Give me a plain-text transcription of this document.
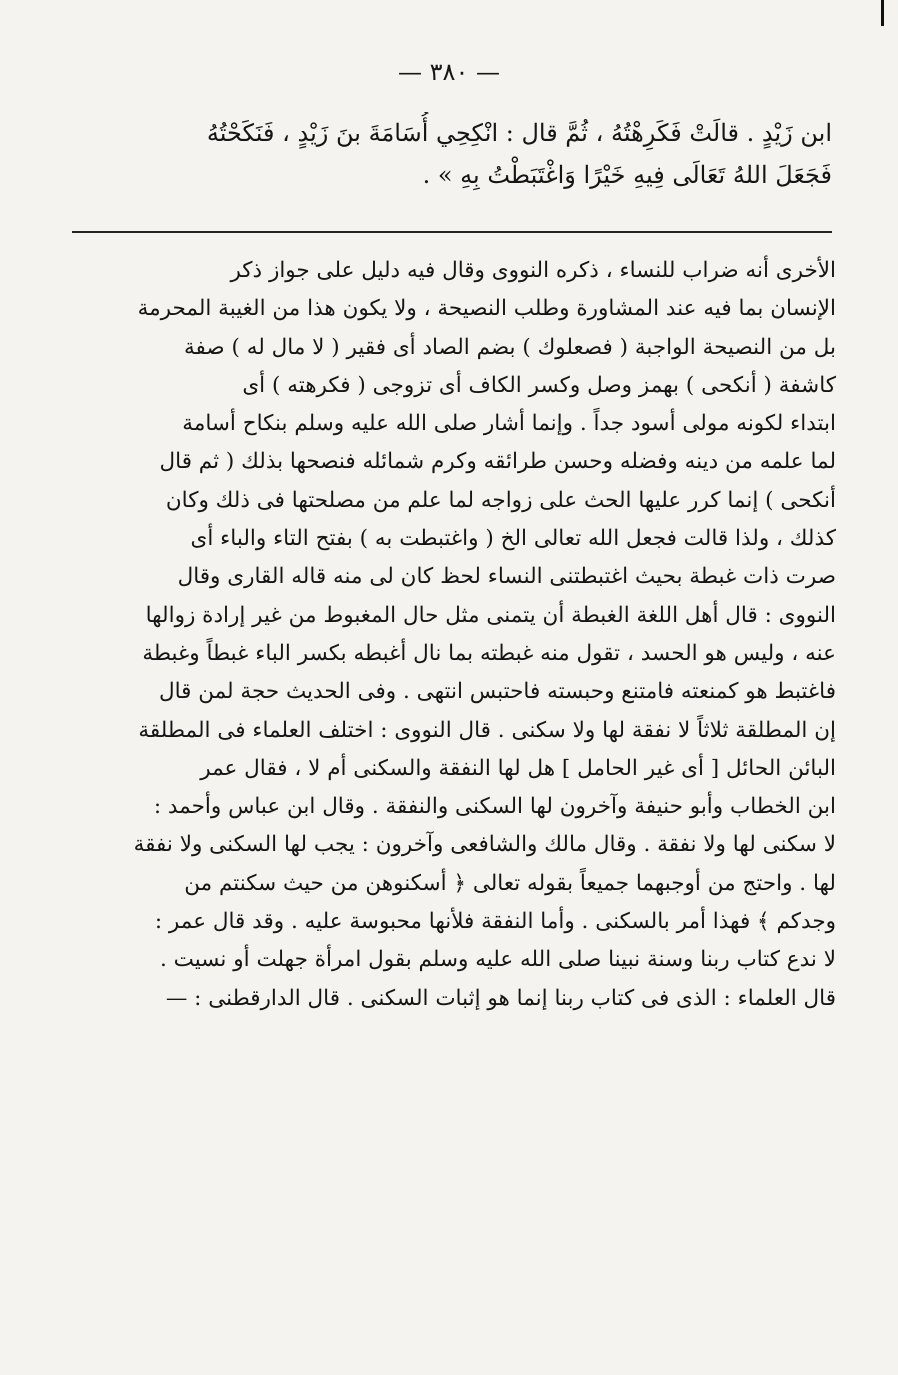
— ٣٨٠ —
ابن زَيْدٍ . قالَتْ فَكَرِهْتُهُ ، ثُمَّ قال : انْكِحِي أُسَامَةَ بنَ زَيْدٍ ، فَنَكَحْتُهُ
فَجَعَلَ اللهُ تَعَالَى فِيهِ خَيْرًا وَاغْتَبَطْتُ بِهِ » .
الأخرى أنه ضراب للنساء ، ذكره النووى وقال فيه دليل على جواز ذكر
الإنسان بما فيه عند المشاورة وطلب النصيحة ، ولا يكون هذا من الغيبة المحرمة
بل من النصيحة الواجبة ( فصعلوك ) بضم الصاد أى فقير ( لا مال له ) صفة
كاشفة ( أنكحى ) بهمز وصل وكسر الكاف أى تزوجى ( فكرهته ) أى
ابتداء لكونه مولى أسود جداً . وإنما أشار صلى الله عليه وسلم بنكاح أسامة
لما علمه من دينه وفضله وحسن طرائقه وكرم شمائله فنصحها بذلك ( ثم قال
أنكحى ) إنما كرر عليها الحث على زواجه لما علم من مصلحتها فى ذلك وكان
كذلك ، ولذا قالت فجعل الله تعالى الخ ( واغتبطت به ) بفتح التاء والباء أى
صرت ذات غبطة بحيث اغتبطتنى النساء لحظ كان لى منه قاله القارى وقال
النووى : قال أهل اللغة الغبطة أن يتمنى مثل حال المغبوط من غير إرادة زوالها
عنه ، وليس هو الحسد ، تقول منه غبطته بما نال أغبطه بكسر الباء غبطاً وغبطة
فاغتبط هو كمنعته فامتنع وحبسته فاحتبس انتهى . وفى الحديث حجة لمن قال
إن المطلقة ثلاثاً لا نفقة لها ولا سكنى . قال النووى : اختلف العلماء فى المطلقة
البائن الحائل [ أى غير الحامل ] هل لها النفقة والسكنى أم لا ، فقال عمر
ابن الخطاب وأبو حنيفة وآخرون لها السكنى والنفقة . وقال ابن عباس وأحمد :
لا سكنى لها ولا نفقة . وقال مالك والشافعى وآخرون : يجب لها السكنى ولا نفقة
لها . واحتج من أوجبهما جميعاً بقوله تعالى ﴿ أسكنوهن من حيث سكنتم من
وجدكم ﴾ فهذا أمر بالسكنى . وأما النفقة فلأنها محبوسة عليه . وقد قال عمر :
لا ندع كتاب ربنا وسنة نبينا صلى الله عليه وسلم بقول امرأة جهلت أو نسيت .
قال العلماء : الذى فى كتاب ربنا إنما هو إثبات السكنى . قال الدارقطنى : —
